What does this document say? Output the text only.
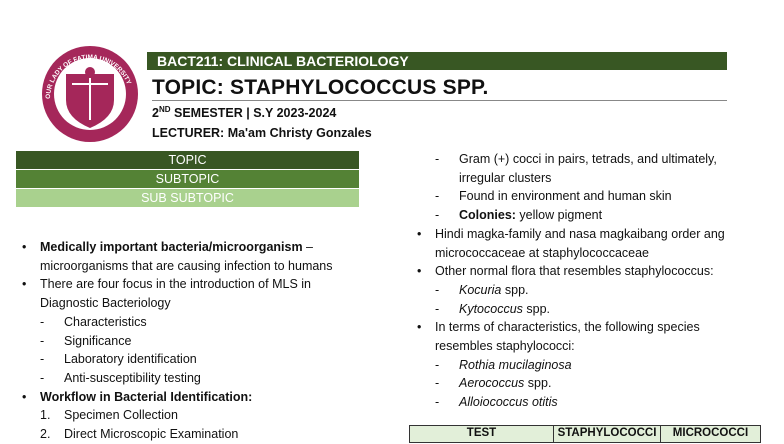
OUR LADY OF FATIMA UNIVERSITY
BACT211: CLINICAL BACTERIOLOGY
TOPIC: STAPHYLOCOCCUS SPP.
2ND SEMESTER | S.Y 2023-2024
LECTURER: Ma'am Christy Gonzales
TOPIC
SUBTOPIC
SUB SUBTOPIC
• Medically important bacteria/microorganism –
microorganisms that are causing infection to humans
• There are four focus in the introduction of MLS in
Diagnostic Bacteriology
- Characteristics
- Significance
- Laboratory identification
- Anti-susceptibility testing
• Workflow in Bacterial Identification:
1. Specimen Collection
2. Direct Microscopic Examination
- Gram (+) cocci in pairs, tetrads, and ultimately,
irregular clusters
- Found in environment and human skin
- Colonies: yellow pigment
• Hindi magka-family and nasa magkaibang order ang
micrococcaceae at staphylococcaceae
• Other normal flora that resembles staphylococcus:
- Kocuria spp.
- Kytococcus spp.
• In terms of characteristics, the following species
resembles staphylococci:
- Rothia mucilaginosa
- Aerococcus spp.
- Alloiococcus otitis
TEST	STAPHYLOCOCCI	MICROCOCCI
